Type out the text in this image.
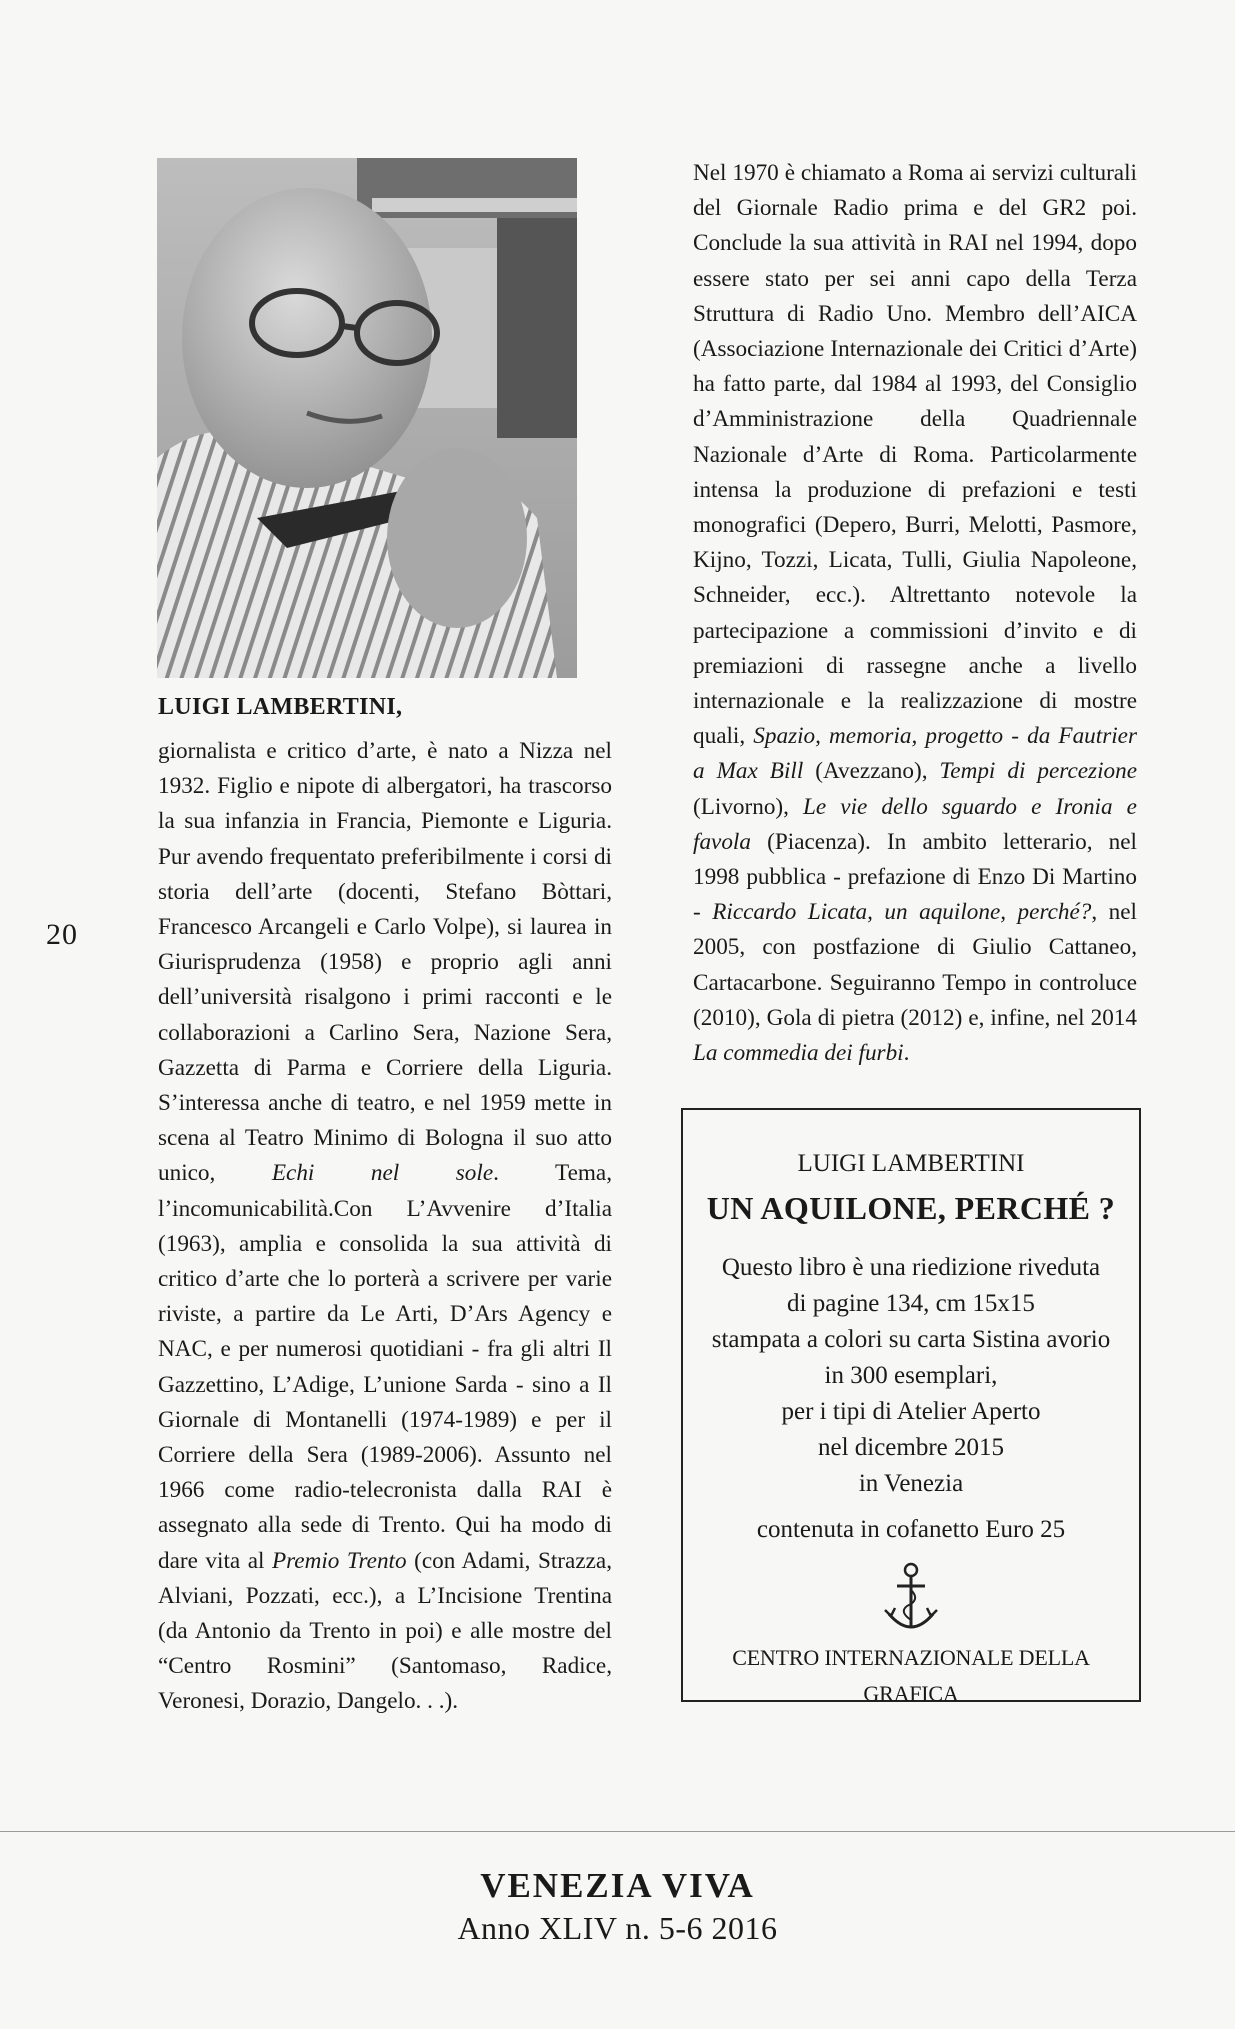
20
LUIGI LAMBERTINI,

giornalista e critico d’arte, è nato a Nizza nel 1932. Figlio e nipote di albergatori, ha trascorso la sua infanzia in Francia, Piemonte e Liguria. Pur avendo frequentato preferibilmente i corsi di storia dell’arte (docenti, Stefano Bòttari, Francesco Arcangeli e Carlo Volpe), si laurea in Giurisprudenza (1958) e proprio agli anni dell’università risalgono i primi racconti e le collaborazioni a Carlino Sera, Nazione Sera, Gazzetta di Parma e Corriere della Liguria. S’interessa anche di teatro, e nel 1959 mette in scena al Teatro Minimo di Bologna il suo atto unico, Echi nel sole. Tema, l’incomunicabilità.Con L’Avvenire d’Italia (1963), amplia e consolida la sua attività di critico d’arte che lo porterà a scrivere per varie riviste, a partire da Le Arti, D’Ars Agency e NAC, e per numerosi quotidiani - fra gli altri Il Gazzettino, L’Adige, L’unione Sarda - sino a Il Giornale di Montanelli (1974-1989) e per il Corriere della Sera (1989-2006). Assunto nel 1966 come radio-telecronista dalla RAI è assegnato alla sede di Trento. Qui ha modo di dare vita al Premio Trento (con Adami, Strazza, Alviani, Pozzati, ecc.), a L’Incisione Trentina (da Antonio da Trento in poi) e alle mostre del “Centro Rosmini” (Santomaso, Radice, Veronesi, Dorazio, Dangelo. . .).

Nel 1970 è chiamato a Roma ai servizi culturali del Giornale Radio prima e del GR2 poi. Conclude la sua attività in RAI nel 1994, dopo essere stato per sei anni capo della Terza Struttura di Radio Uno. Membro dell’AICA (Associazione Internazionale dei Critici d’Arte) ha fatto parte, dal 1984 al 1993, del Consiglio d’Amministrazione della Quadriennale Nazionale d’Arte di Roma. Particolarmente intensa la produzione di prefazioni e testi monografici (Depero, Burri, Melotti, Pasmore, Kijno, Tozzi, Licata, Tulli, Giulia Napoleone, Schneider, ecc.). Altrettanto notevole la partecipazione a commissioni d’invito e di premiazioni di rassegne anche a livello internazionale e la realizzazione di mostre quali, Spazio, memoria, progetto - da Fautrier a Max Bill (Avezzano), Tempi di percezione (Livorno), Le vie dello sguardo e Ironia e favola (Piacenza). In ambito letterario, nel 1998 pubblica - prefazione di Enzo Di Martino - Riccardo Licata, un aquilone, perché?, nel 2005, con postfazione di Giulio Cattaneo, Cartacarbone. Seguiranno Tempo in controluce (2010), Gola di pietra (2012) e, infine, nel 2014 La commedia dei furbi.

LUIGI LAMBERTINI
UN AQUILONE, PERCHÉ ?
Questo libro è una riedizione riveduta
di pagine 134, cm 15x15
stampata a colori su carta Sistina avorio
in 300 esemplari,
per i tipi di Atelier Aperto
nel dicembre 2015
in Venezia
contenuta in cofanetto Euro 25
CENTRO INTERNAZIONALE DELLA GRAFICA
VENEZIA VIVA
Anno XLIV n. 5-6 2016
